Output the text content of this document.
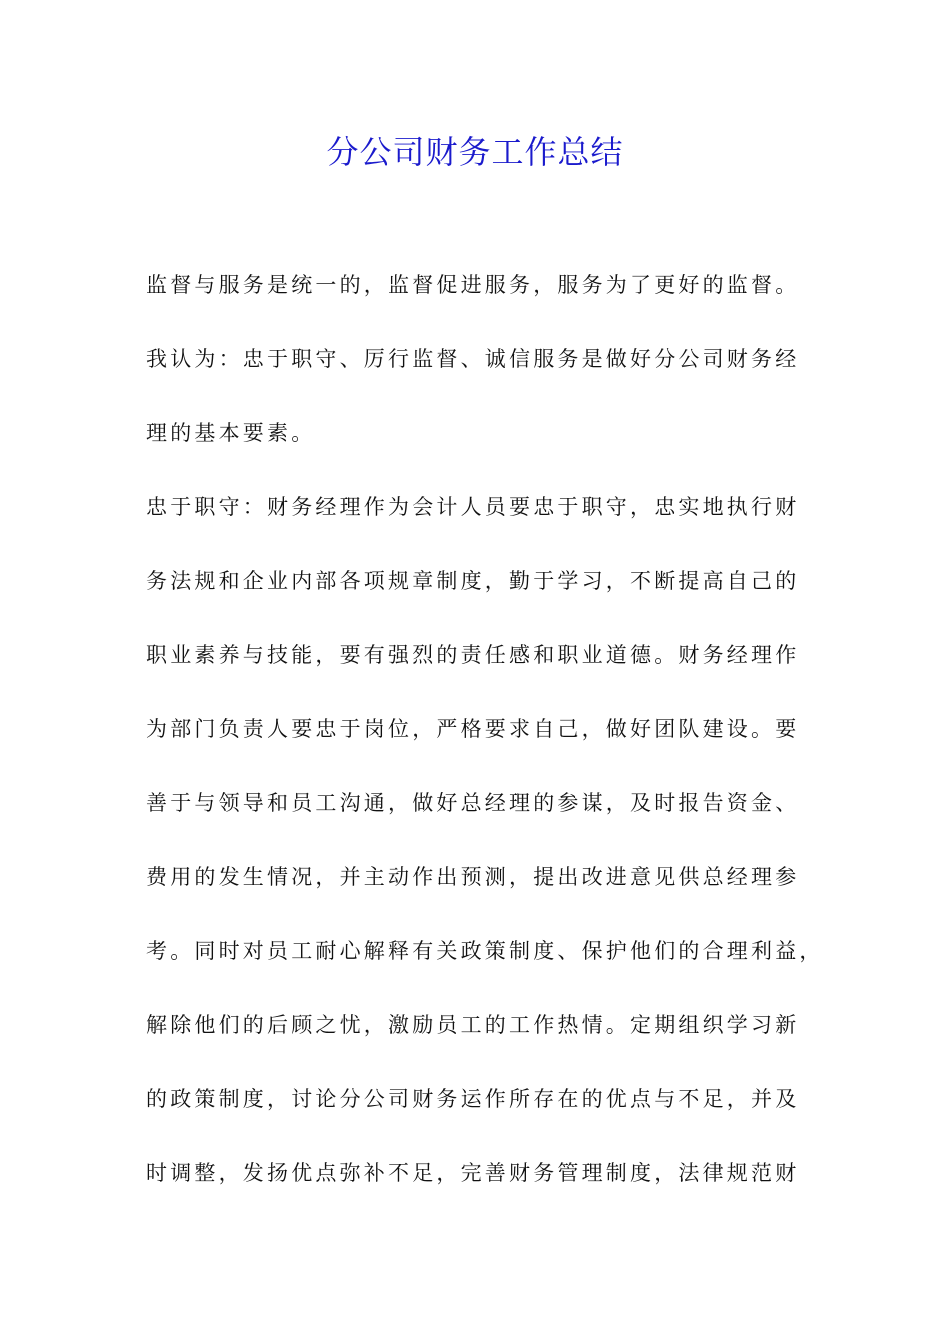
分公司财务工作总结
监督与服务是统一的，监督促进服务，服务为了更好的监督。
我认为：忠于职守、厉行监督、诚信服务是做好分公司财务经
理的基本要素。
忠于职守：财务经理作为会计人员要忠于职守，忠实地执行财
务法规和企业内部各项规章制度，勤于学习，不断提高自己的
职业素养与技能，要有强烈的责任感和职业道德。财务经理作
为部门负责人要忠于岗位，严格要求自己，做好团队建设。要
善于与领导和员工沟通，做好总经理的参谋，及时报告资金、
费用的发生情况，并主动作出预测，提出改进意见供总经理参
考。同时对员工耐心解释有关政策制度、保护他们的合理利益，
解除他们的后顾之忧，激励员工的工作热情。定期组织学习新
的政策制度，讨论分公司财务运作所存在的优点与不足，并及
时调整，发扬优点弥补不足，完善财务管理制度，法律规范财
